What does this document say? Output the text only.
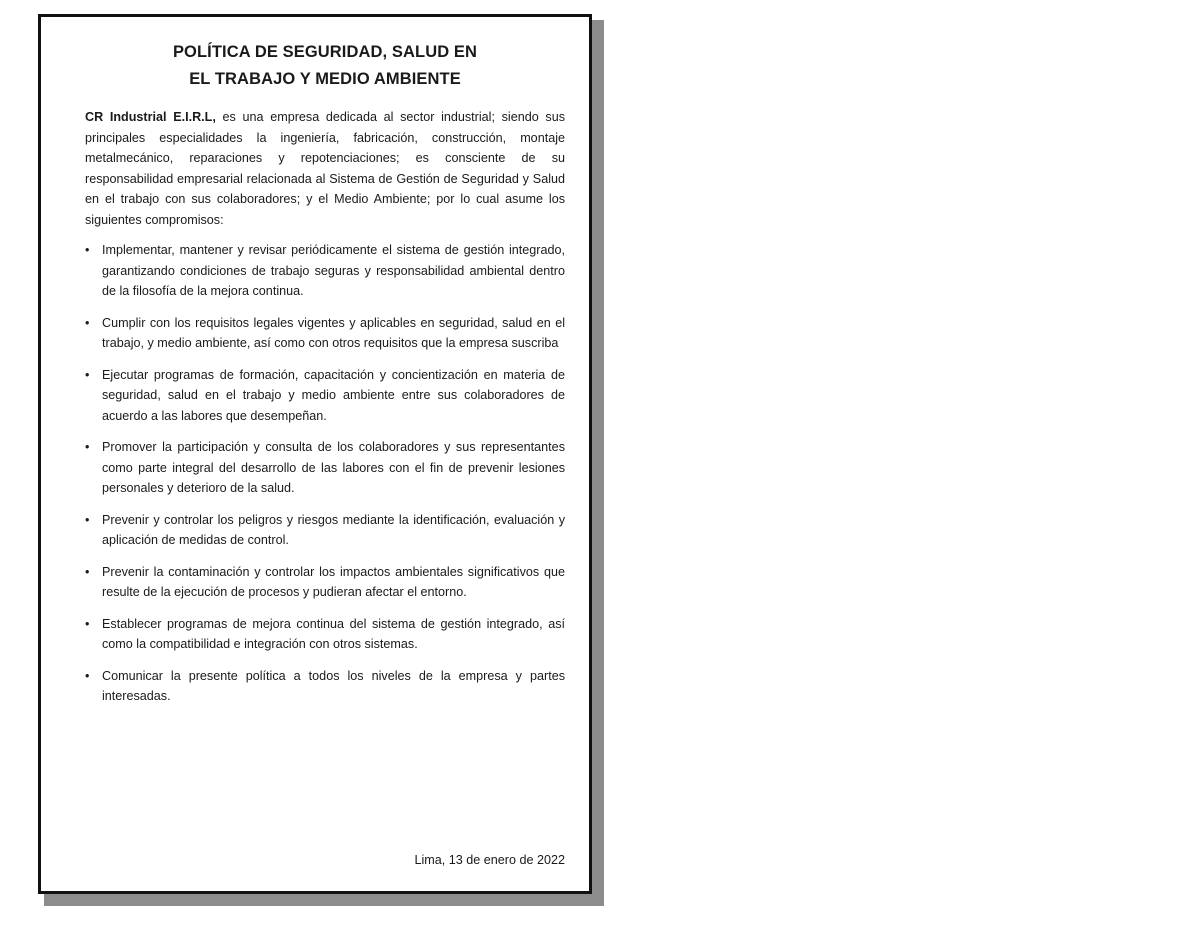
POLÍTICA DE SEGURIDAD, SALUD EN
EL TRABAJO Y MEDIO AMBIENTE

CR Industrial E.I.R.L, es una empresa dedicada al sector industrial; siendo sus principales especialidades la ingeniería, fabricación, construcción, montaje metalmecánico, reparaciones y repotenciaciones; es consciente de su responsabilidad empresarial relacionada al Sistema de Gestión de Seguridad y Salud en el trabajo con sus colaboradores; y el Medio Ambiente; por lo cual asume los siguientes compromisos:

• Implementar, mantener y revisar periódicamente el sistema de gestión integrado, garantizando condiciones de trabajo seguras y responsabilidad ambiental dentro de la filosofía de la mejora continua.
• Cumplir con los requisitos legales vigentes y aplicables en seguridad, salud en el trabajo, y medio ambiente, así como con otros requisitos que la empresa suscriba
• Ejecutar programas de formación, capacitación y concientización en materia de seguridad, salud en el trabajo y medio ambiente entre sus colaboradores de acuerdo a las labores que desempeñan.
• Promover la participación y consulta de los colaboradores y sus representantes como parte integral del desarrollo de las labores con el fin de prevenir lesiones personales y deterioro de la salud.
• Prevenir y controlar los peligros y riesgos mediante la identificación, evaluación y aplicación de medidas de control.
• Prevenir la contaminación y controlar los impactos ambientales significativos que resulte de la ejecución de procesos y pudieran afectar el entorno.
• Establecer programas de mejora continua del sistema de gestión integrado, así como la compatibilidad e integración con otros sistemas.
• Comunicar la presente política a todos los niveles de la empresa y partes interesadas.
Lima, 13 de enero de 2022
